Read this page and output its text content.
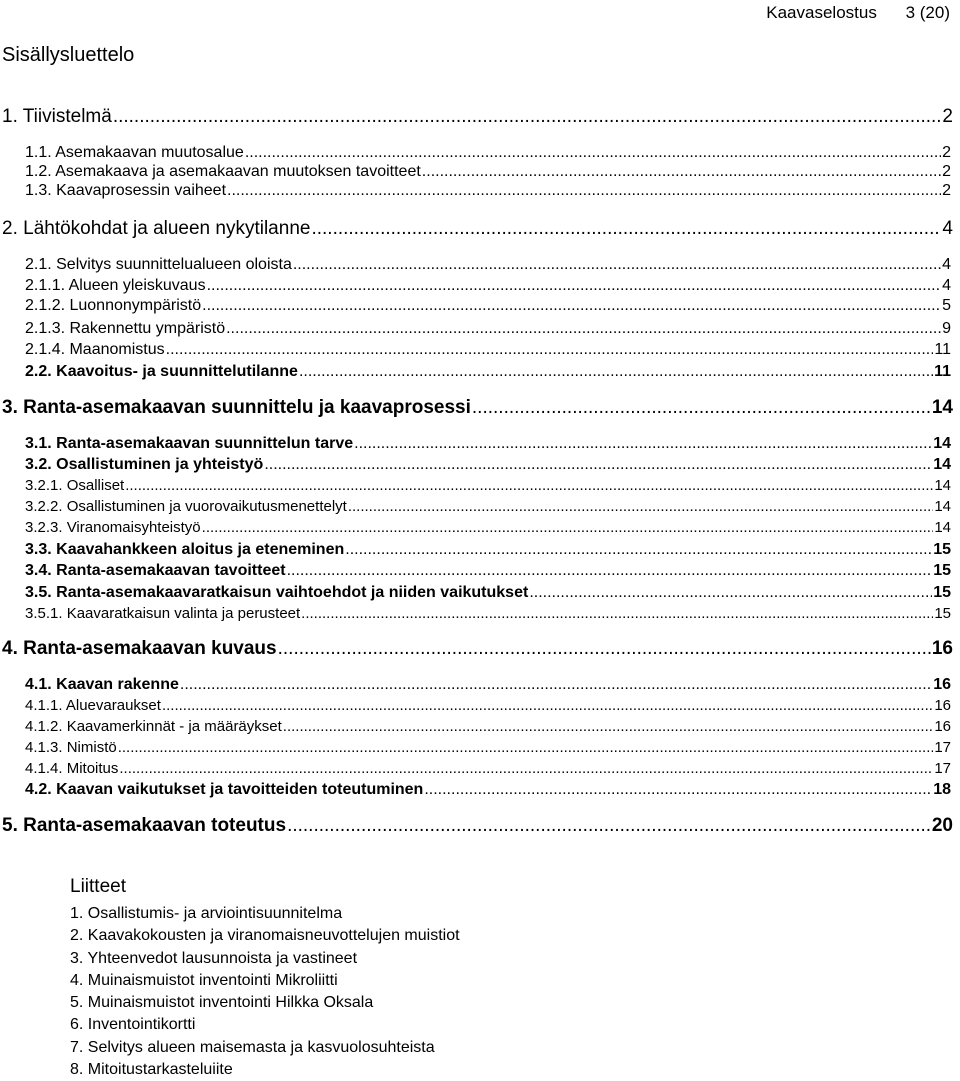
Kaavaselostus 3 (20)
Sisällysluettelo
1. Tiivistelmä .....	2
1.1. Asemakaavan muutosalue .....	2
1.2. Asemakaava ja asemakaavan muutoksen tavoitteet .....	2
1.3. Kaavaprosessin vaiheet .....	2
2. Lähtökohdat ja alueen nykytilanne .....	4
2.1. Selvitys suunnittelualueen oloista .....	4
2.1.1. Alueen yleiskuvaus .....	4
2.1.2. Luonnonympäristö .....	5
2.1.3. Rakennettu ympäristö .....	9
2.1.4. Maanomistus .....	11
2.2. Kaavoitus- ja suunnittelutilanne .....	11
3. Ranta-asemakaavan suunnittelu ja kaavaprosessi .....	14
3.1. Ranta-asemakaavan suunnittelun tarve .....	14
3.2. Osallistuminen ja yhteistyö .....	14
3.2.1. Osalliset .....	14
3.2.2. Osallistuminen ja vuorovaikutusmenettelyt .....	14
3.2.3. Viranomaisyhteistyö .....	14
3.3. Kaavahankkeen aloitus ja eteneminen .....	15
3.4. Ranta-asemakaavan tavoitteet .....	15
3.5. Ranta-asemakaavaratkaisun vaihtoehdot ja niiden vaikutukset .....	15
3.5.1. Kaavaratkaisun valinta ja perusteet .....	15
4. Ranta-asemakaavan kuvaus .....	16
4.1. Kaavan rakenne .....	16
4.1.1. Aluevaraukset .....	16
4.1.2. Kaavamerkinnät - ja määräykset .....	16
4.1.3. Nimistö .....	17
4.1.4. Mitoitus .....	17
4.2. Kaavan vaikutukset ja tavoitteiden toteutuminen .....	18
5. Ranta-asemakaavan toteutus .....	20
Liitteet
1. Osallistumis- ja arviointisuunnitelma
2. Kaavakokousten ja viranomaisneuvottelujen muistiot
3. Yhteenvedot lausunnoista ja vastineet
4. Muinaismuistot inventointi Mikroliitti
5. Muinaismuistot inventointi Hilkka Oksala
6. Inventointikortti
7. Selvitys alueen maisemasta ja kasvuolosuhteista
8. Mitoitustarkasteluiite
